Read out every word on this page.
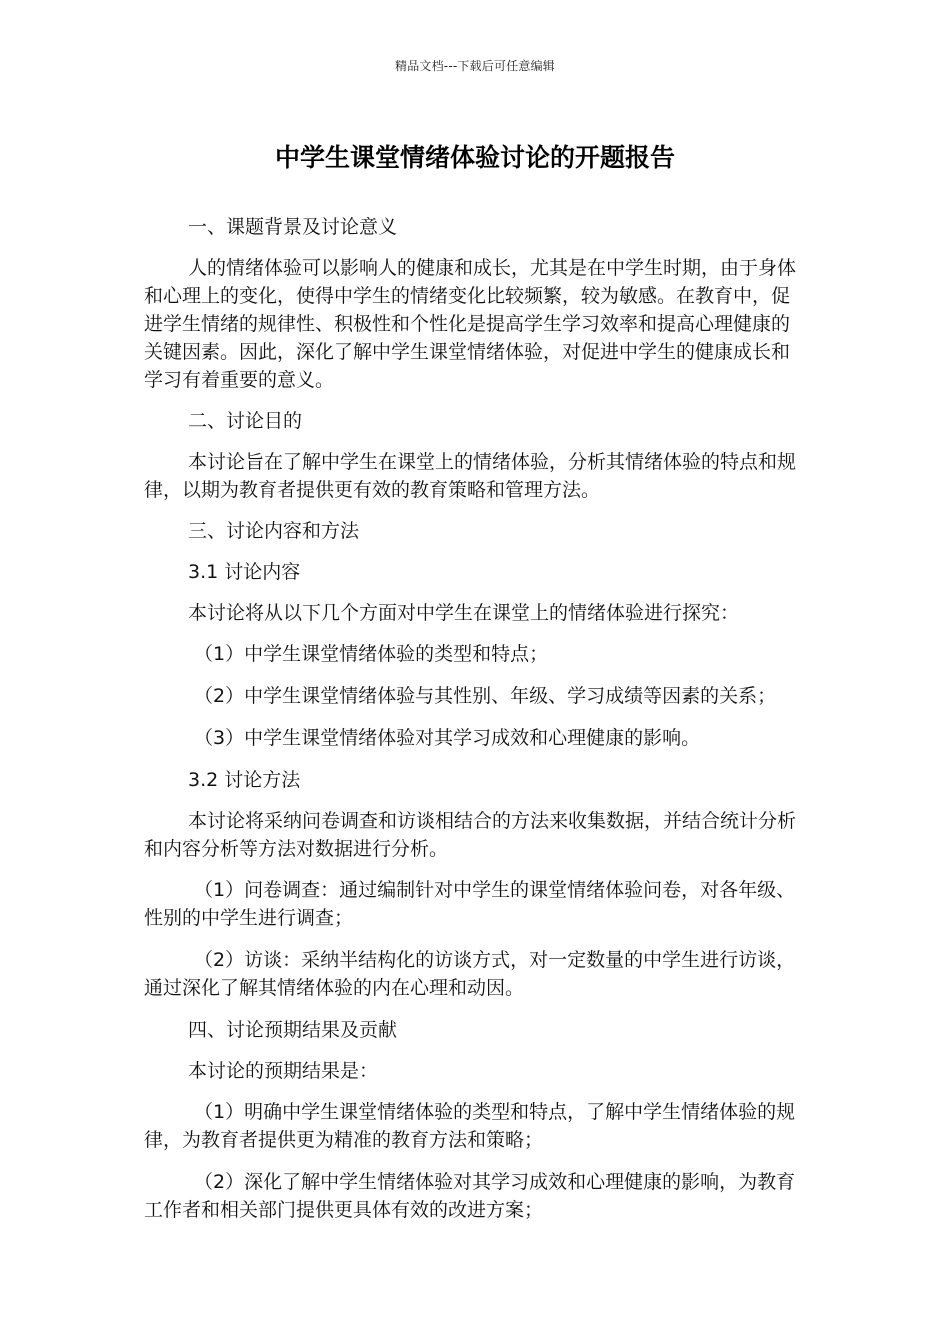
精品文档---下载后可任意编辑
中学生课堂情绪体验讨论的开题报告

一、课题背景及讨论意义

人的情绪体验可以影响人的健康和成长，尤其是在中学生时期，由于身体和心理上的变化，使得中学生的情绪变化比较频繁，较为敏感。在教育中，促进学生情绪的规律性、积极性和个性化是提高学生学习效率和提高心理健康的关键因素。因此，深化了解中学生课堂情绪体验，对促进中学生的健康成长和学习有着重要的意义。

二、讨论目的

本讨论旨在了解中学生在课堂上的情绪体验，分析其情绪体验的特点和规律，以期为教育者提供更有效的教育策略和管理方法。

三、讨论内容和方法

3.1 讨论内容

本讨论将从以下几个方面对中学生在课堂上的情绪体验进行探究：

（1）中学生课堂情绪体验的类型和特点；

（2）中学生课堂情绪体验与其性别、年级、学习成绩等因素的关系；

（3）中学生课堂情绪体验对其学习成效和心理健康的影响。

3.2 讨论方法

本讨论将采纳问卷调查和访谈相结合的方法来收集数据，并结合统计分析和内容分析等方法对数据进行分析。

（1）问卷调查：通过编制针对中学生的课堂情绪体验问卷，对各年级、性别的中学生进行调查；

（2）访谈：采纳半结构化的访谈方式，对一定数量的中学生进行访谈，通过深化了解其情绪体验的内在心理和动因。

四、讨论预期结果及贡献

本讨论的预期结果是：

（1）明确中学生课堂情绪体验的类型和特点，了解中学生情绪体验的规律，为教育者提供更为精准的教育方法和策略；

（2）深化了解中学生情绪体验对其学习成效和心理健康的影响，为教育工作者和相关部门提供更具体有效的改进方案；
